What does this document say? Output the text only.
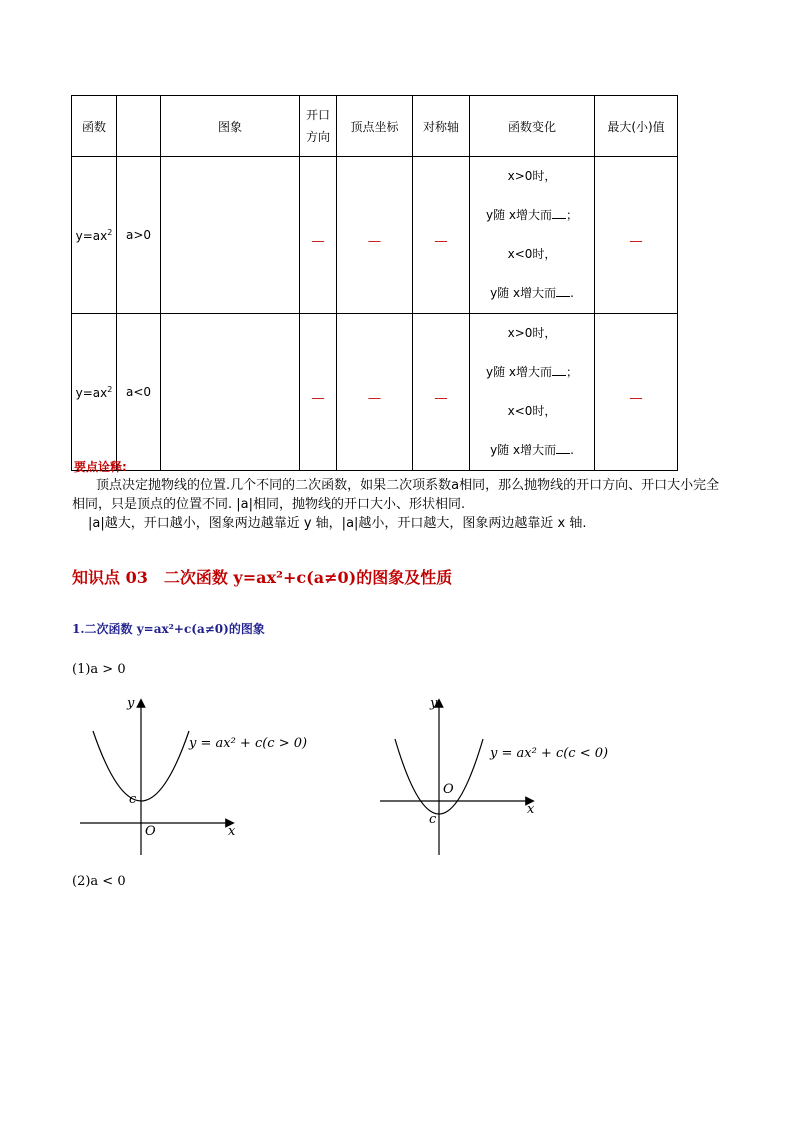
函数		图象	开口
方向	顶点坐标	对称轴	函数变化	最大(小)值
$y=ax^2$	a>0		__	__	__	x>0时，
y随 x增大而 ；
x<0时，
y随 x增大而 .	__
$y=ax^2$	a<0		__	__	__	x>0时，
y随 x增大而 ；
x<0时，
y随 x增大而 .	__
要点诠释:
顶点决定抛物线的位置.几个不同的二次函数，如果二次项系数a相同，那么抛物线的开口方向、开口大小完全相同，只是顶点的位置不同. |a|相同，抛物线的开口大小、形状相同.
|a|越大，开口越小，图象两边越靠近 y 轴，|a|越小，开口越大，图象两边越靠近 x 轴.
知识点 03　二次函数 y=ax²+c(a≠0)的图象及性质
1.二次函数 y=ax²+c(a≠0)的图象
(1)a > 0
y
x
O
c
y = ax² + c(c > 0)
y
x
O
c
y = ax² + c(c < 0)
(2)a < 0
